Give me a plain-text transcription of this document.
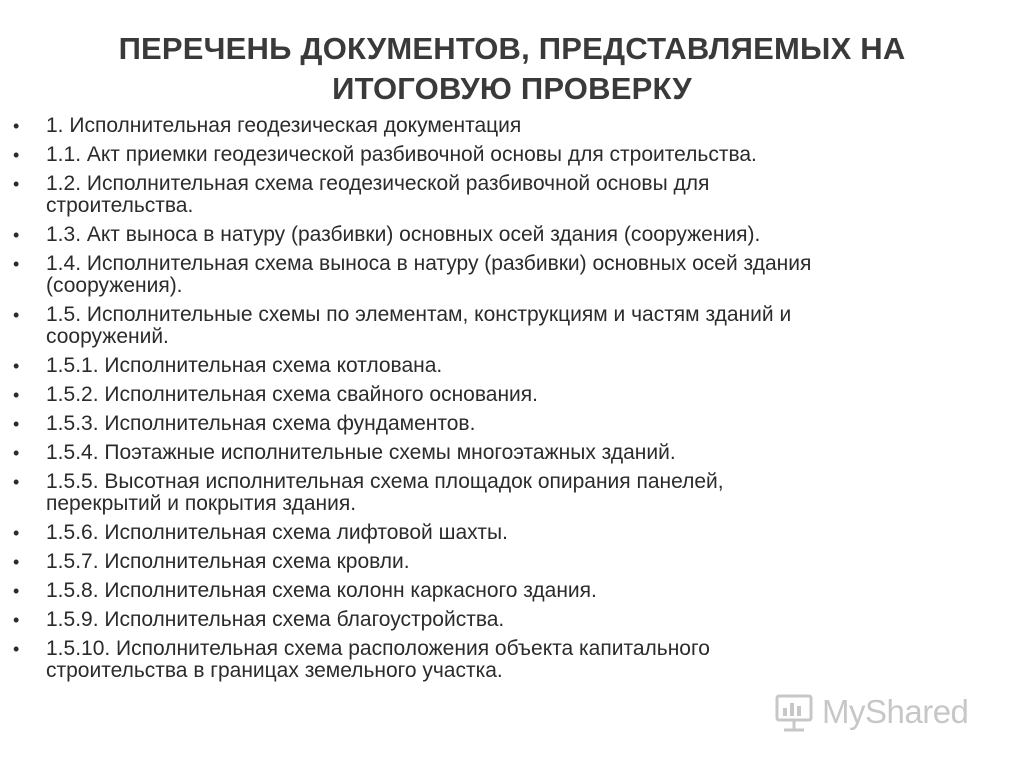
ПЕРЕЧЕНЬ ДОКУМЕНТОВ, ПРЕДСТАВЛЯЕМЫХ НА
ИТОГОВУЮ ПРОВЕРКУ
• 1. Исполнительная геодезическая документация
• 1.1. Акт приемки геодезической разбивочной основы для строительства.
• 1.2. Исполнительная схема геодезической разбивочной основы для
строительства.
• 1.3. Акт выноса в натуру (разбивки) основных осей здания (сооружения).
• 1.4. Исполнительная схема выноса в натуру (разбивки) основных осей здания
(сооружения).
• 1.5. Исполнительные схемы по элементам, конструкциям и частям зданий и
сооружений.
• 1.5.1. Исполнительная схема котлована.
• 1.5.2. Исполнительная схема свайного основания.
• 1.5.3. Исполнительная схема фундаментов.
• 1.5.4. Поэтажные исполнительные схемы многоэтажных зданий.
• 1.5.5. Высотная исполнительная схема площадок опирания панелей,
перекрытий и покрытия здания.
• 1.5.6. Исполнительная схема лифтовой шахты.
• 1.5.7. Исполнительная схема кровли.
• 1.5.8. Исполнительная схема колонн каркасного здания.
• 1.5.9. Исполнительная схема благоустройства.
• 1.5.10. Исполнительная схема расположения объекта капитального
строительства в границах земельного участка.
MyShared
